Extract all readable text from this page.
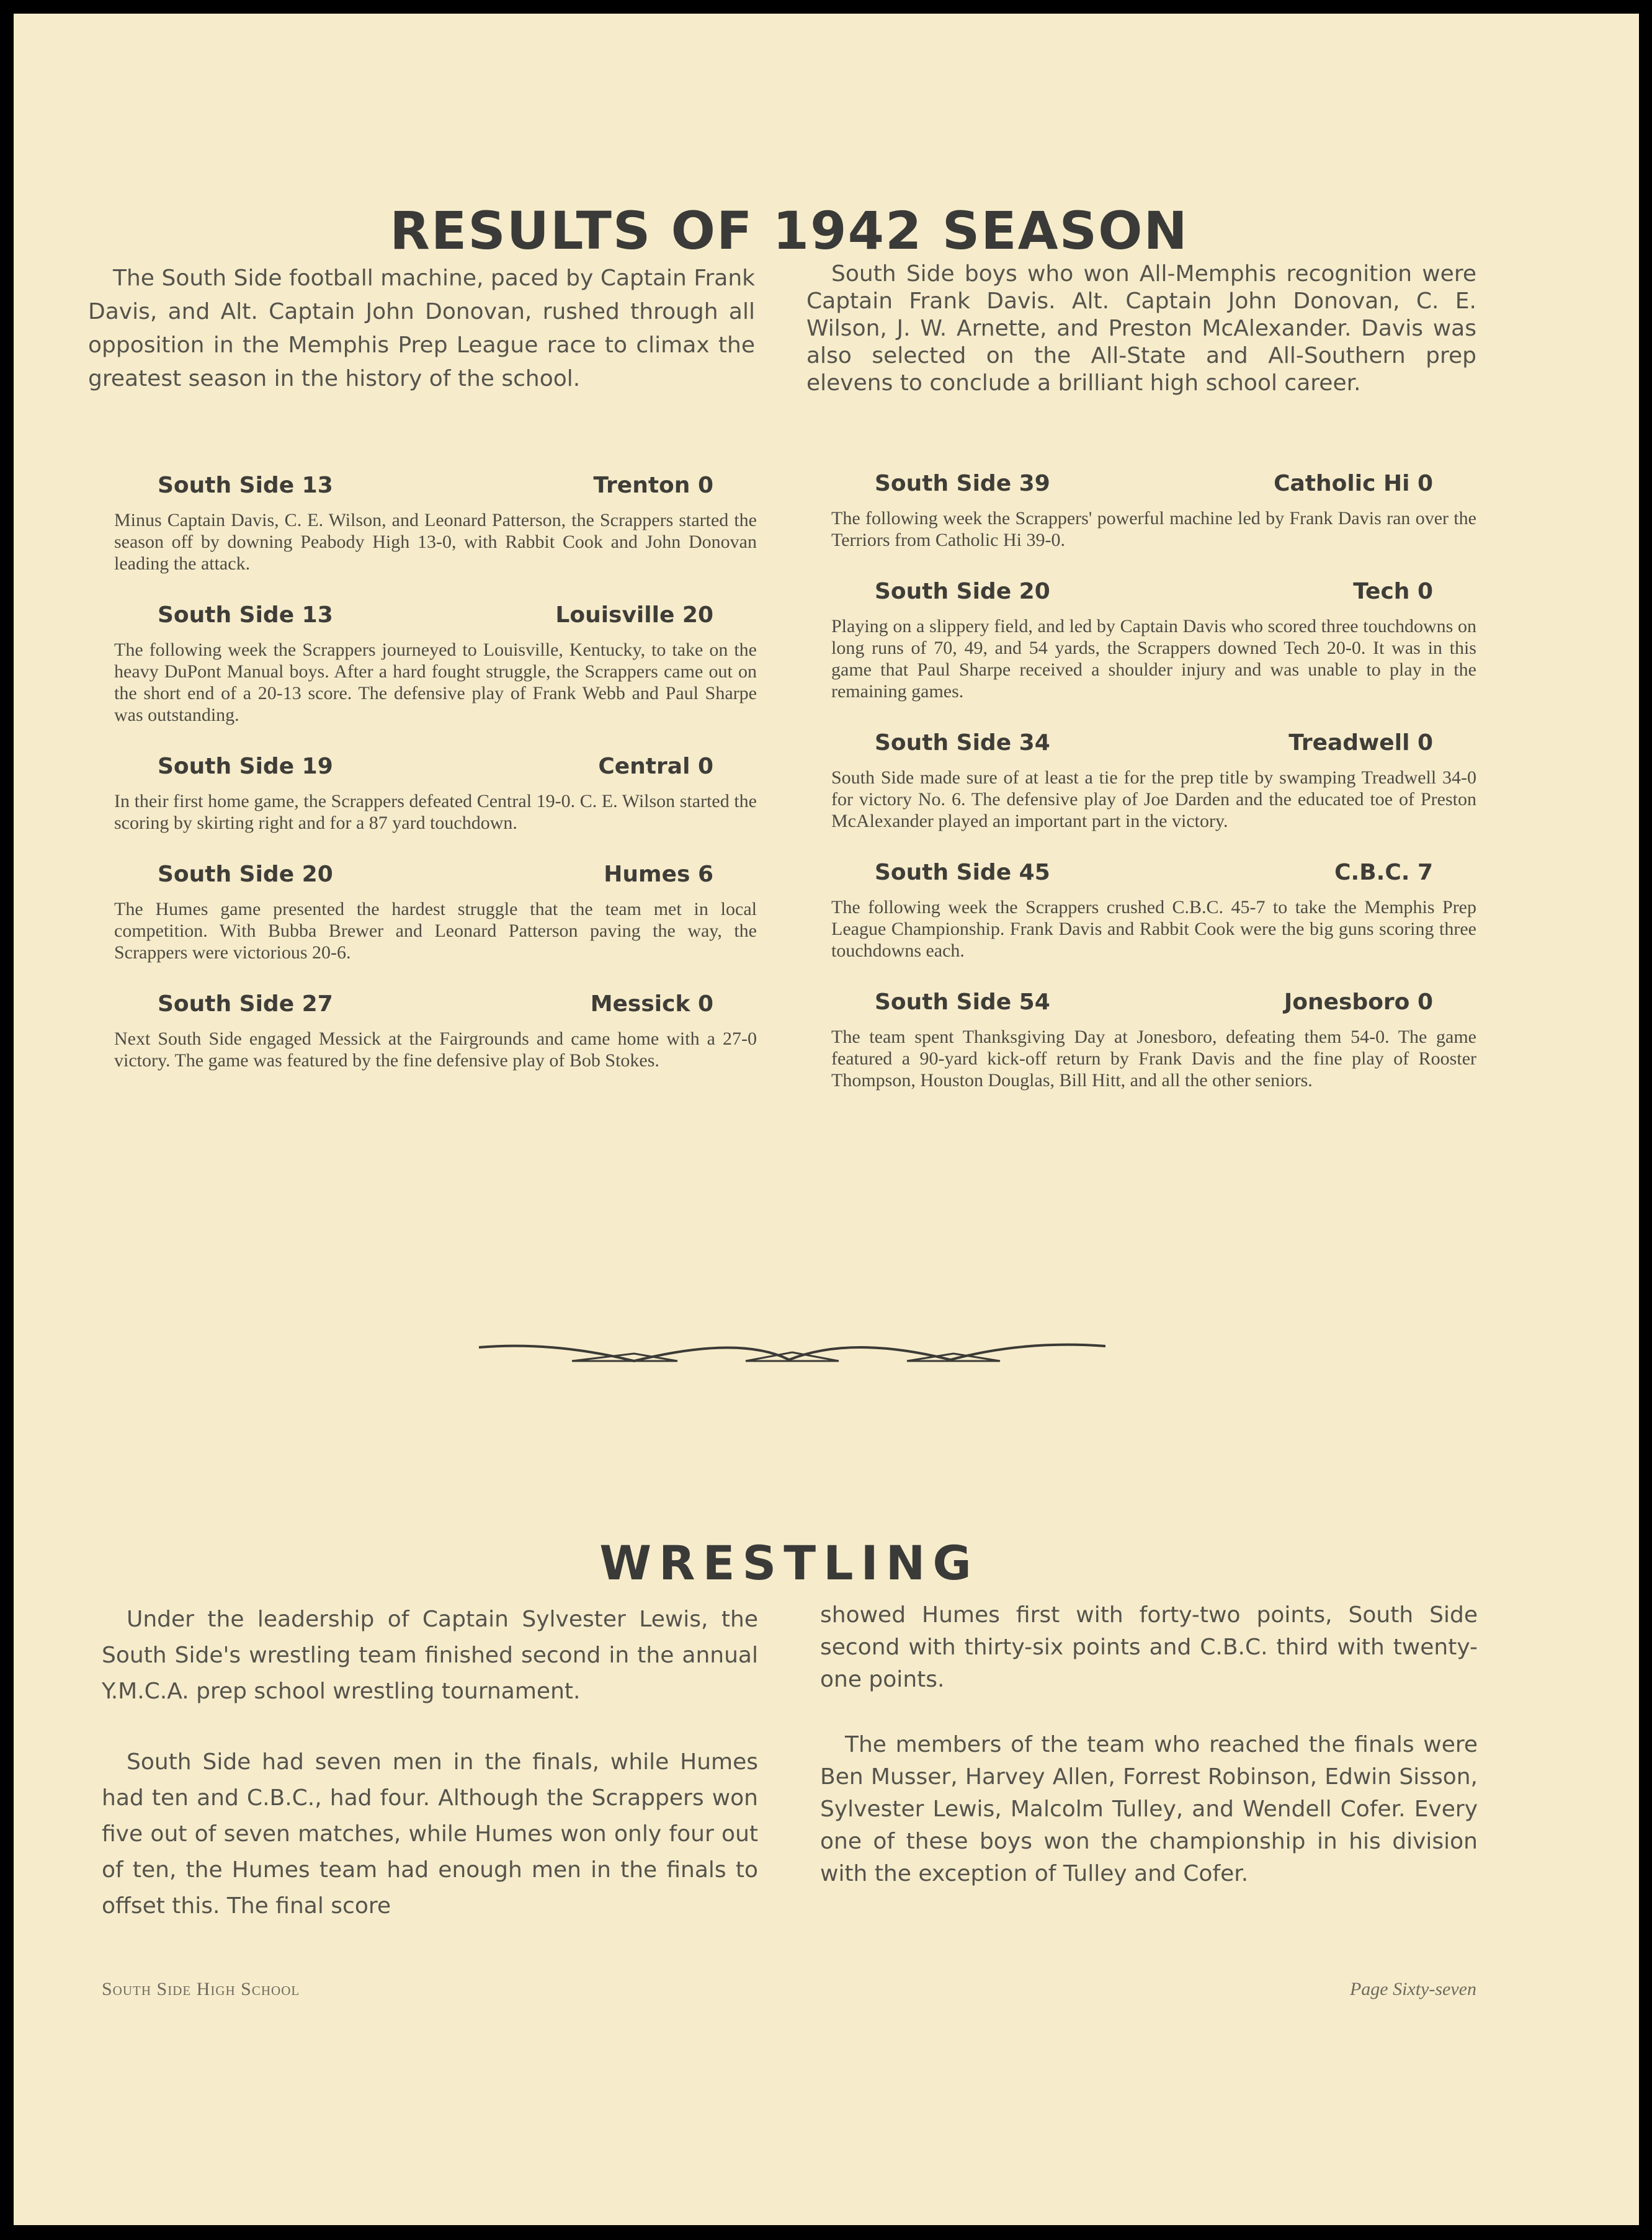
RESULTS OF 1942 SEASON

The South Side football machine, paced by Captain Frank Davis, and Alt. Captain John Donovan, rushed through all opposition in the Memphis Prep League race to climax the greatest season in the history of the school.

South Side boys who won All-Memphis recognition were Captain Frank Davis. Alt. Captain John Donovan, C. E. Wilson, J. W. Arnette, and Preston McAlexander. Davis was also selected on the All-State and All-Southern prep elevens to conclude a brilliant high school career.

South Side 13	Trenton 0

Minus Captain Davis, C. E. Wilson, and Leonard Patterson, the Scrappers started the season off by downing Peabody High 13-0, with Rabbit Cook and John Donovan leading the attack.

South Side 13	Louisville 20

The following week the Scrappers journeyed to Louisville, Kentucky, to take on the heavy DuPont Manual boys. After a hard fought struggle, the Scrappers came out on the short end of a 20-13 score. The defensive play of Frank Webb and Paul Sharpe was outstanding.

South Side 19	Central 0

In their first home game, the Scrappers defeated Central 19-0. C. E. Wilson started the scoring by skirting right and for a 87 yard touchdown.

South Side 20	Humes 6

The Humes game presented the hardest struggle that the team met in local competition. With Bubba Brewer and Leonard Patterson paving the way, the Scrappers were victorious 20-6.

South Side 27	Messick 0

Next South Side engaged Messick at the Fairgrounds and came home with a 27-0 victory. The game was featured by the fine defensive play of Bob Stokes.

South Side 39	Catholic Hi 0

The following week the Scrappers' powerful machine led by Frank Davis ran over the Terriors from Catholic Hi 39-0.

South Side 20	Tech 0

Playing on a slippery field, and led by Captain Davis who scored three touchdowns on long runs of 70, 49, and 54 yards, the Scrappers downed Tech 20-0. It was in this game that Paul Sharpe received a shoulder injury and was unable to play in the remaining games.

South Side 34	Treadwell 0

South Side made sure of at least a tie for the prep title by swamping Treadwell 34-0 for victory No. 6. The defensive play of Joe Darden and the educated toe of Preston McAlexander played an important part in the victory.

South Side 45	C.B.C. 7

The following week the Scrappers crushed C.B.C. 45-7 to take the Memphis Prep League Championship. Frank Davis and Rabbit Cook were the big guns scoring three touchdowns each.

South Side 54	Jonesboro 0

The team spent Thanksgiving Day at Jonesboro, defeating them 54-0. The game featured a 90-yard kick-off return by Frank Davis and the fine play of Rooster Thompson, Houston Douglas, Bill Hitt, and all the other seniors.

WRESTLING

Under the leadership of Captain Sylvester Lewis, the South Side's wrestling team finished second in the annual Y.M.C.A. prep school wrestling tournament.

South Side had seven men in the finals, while Humes had ten and C.B.C., had four. Although the Scrappers won five out of seven matches, while Humes won only four out of ten, the Humes team had enough men in the finals to offset this. The final score

showed Humes first with forty-two points, South Side second with thirty-six points and C.B.C. third with twenty-one points.

The members of the team who reached the finals were Ben Musser, Harvey Allen, Forrest Robinson, Edwin Sisson, Sylvester Lewis, Malcolm Tulley, and Wendell Cofer. Every one of these boys won the championship in his division with the exception of Tulley and Cofer.

South Side High School	Page Sixty-seven
